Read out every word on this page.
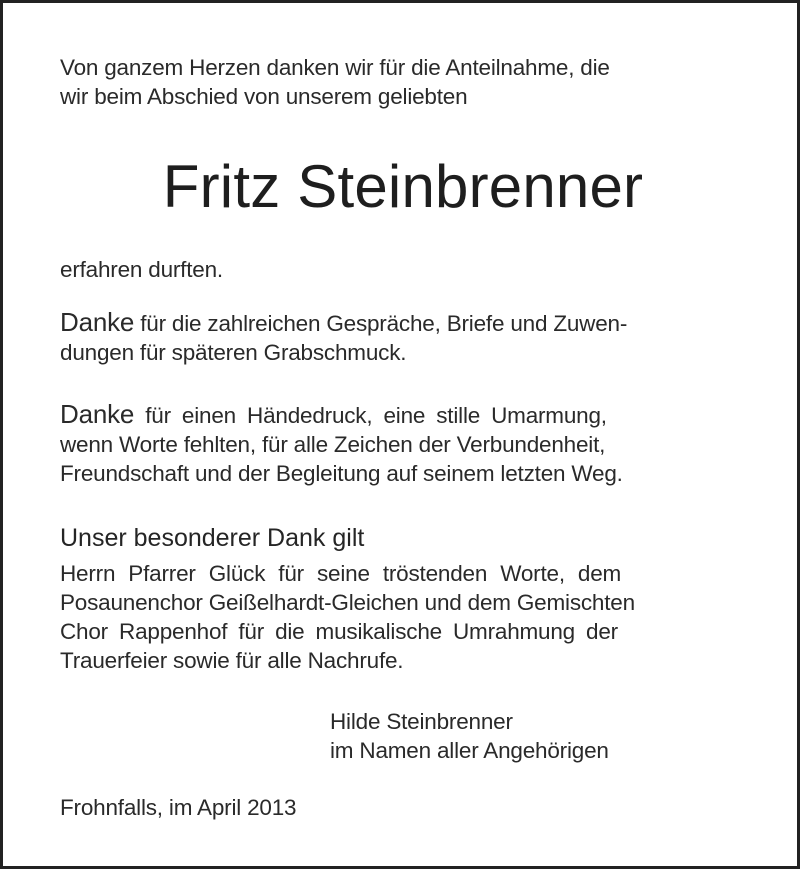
Von ganzem Herzen danken wir für die Anteilnahme, die
wir beim Abschied von unserem geliebten
Fritz Steinbrenner
erfahren durften.
Danke für die zahlreichen Gespräche, Briefe und Zuwen-
dungen für späteren Grabschmuck.
Danke für einen Händedruck, eine stille Umarmung,
wenn Worte fehlten, für alle Zeichen der Verbundenheit,
Freundschaft und der Begleitung auf seinem letzten Weg.
Unser besonderer Dank gilt
Herrn Pfarrer Glück für seine tröstenden Worte, dem
Posaunenchor Geißelhardt-Gleichen und dem Gemischten
Chor Rappenhof für die musikalische Umrahmung der
Trauerfeier sowie für alle Nachrufe.
Hilde Steinbrenner
im Namen aller Angehörigen
Frohnfalls, im April 2013
